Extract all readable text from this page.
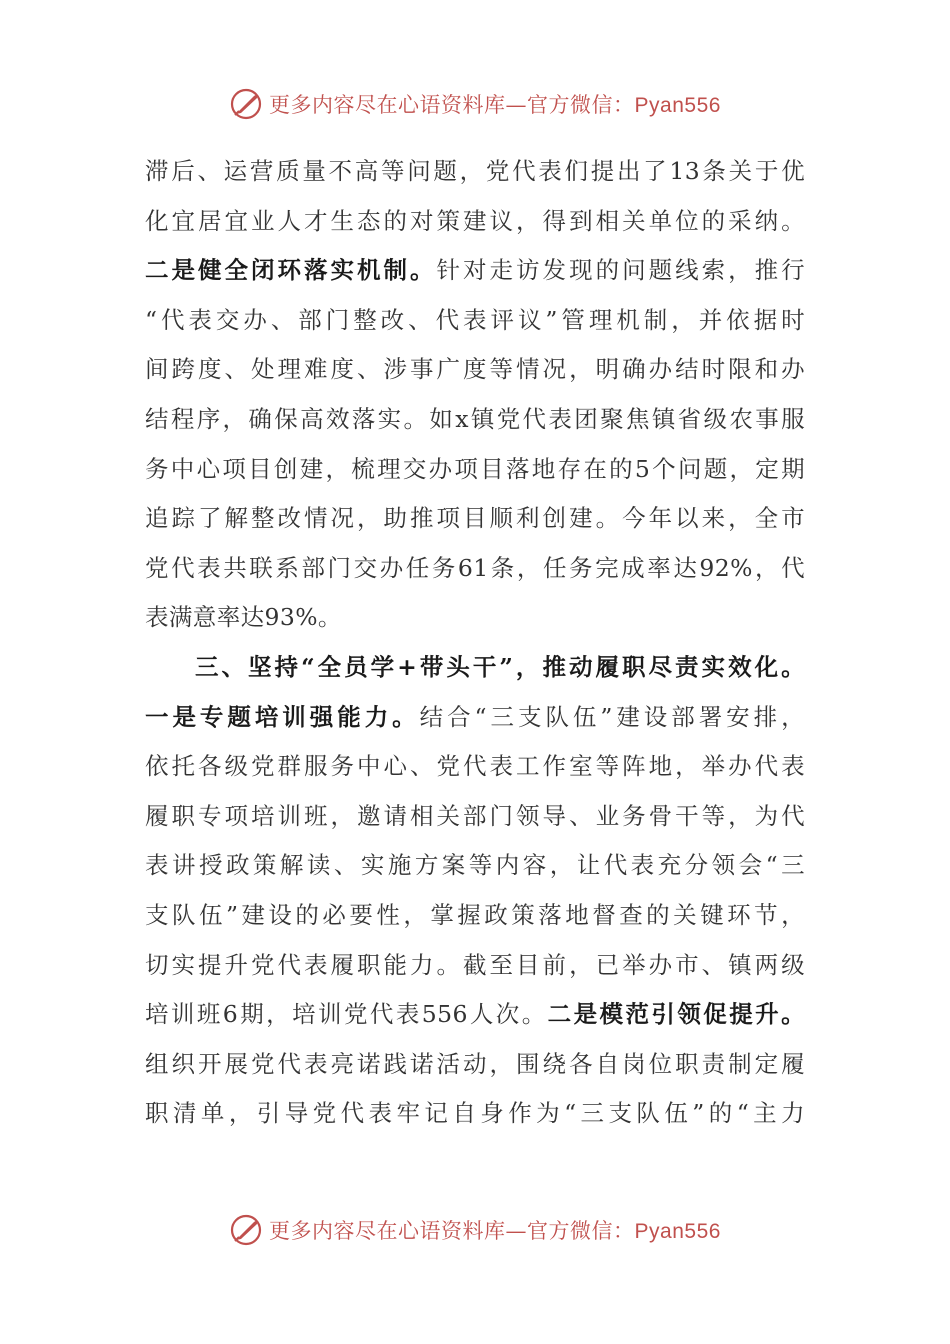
更多内容尽在心语资料库—官方微信：Pyan556
滞后、运营质量不高等问题，党代表们提出了13条关于优
化宜居宜业人才生态的对策建议，得到相关单位的采纳。
二是健全闭环落实机制。针对走访发现的问题线索，推行
“代表交办、部门整改、代表评议”管理机制，并依据时
间跨度、处理难度、涉事广度等情况，明确办结时限和办
结程序，确保高效落实。如x镇党代表团聚焦镇省级农事服
务中心项目创建，梳理交办项目落地存在的5个问题，定期
追踪了解整改情况，助推项目顺利创建。今年以来，全市
党代表共联系部门交办任务61条，任务完成率达92%，代
表满意率达93%。
三、坚持“全员学+带头干”，推动履职尽责实效化。
一是专题培训强能力。结合“三支队伍”建设部署安排，
依托各级党群服务中心、党代表工作室等阵地，举办代表
履职专项培训班，邀请相关部门领导、业务骨干等，为代
表讲授政策解读、实施方案等内容，让代表充分领会“三
支队伍”建设的必要性，掌握政策落地督查的关键环节，
切实提升党代表履职能力。截至目前，已举办市、镇两级
培训班6期，培训党代表556人次。二是模范引领促提升。
组织开展党代表亮诺践诺活动，围绕各自岗位职责制定履
职清单，引导党代表牢记自身作为“三支队伍”的“主力
更多内容尽在心语资料库—官方微信：Pyan556
